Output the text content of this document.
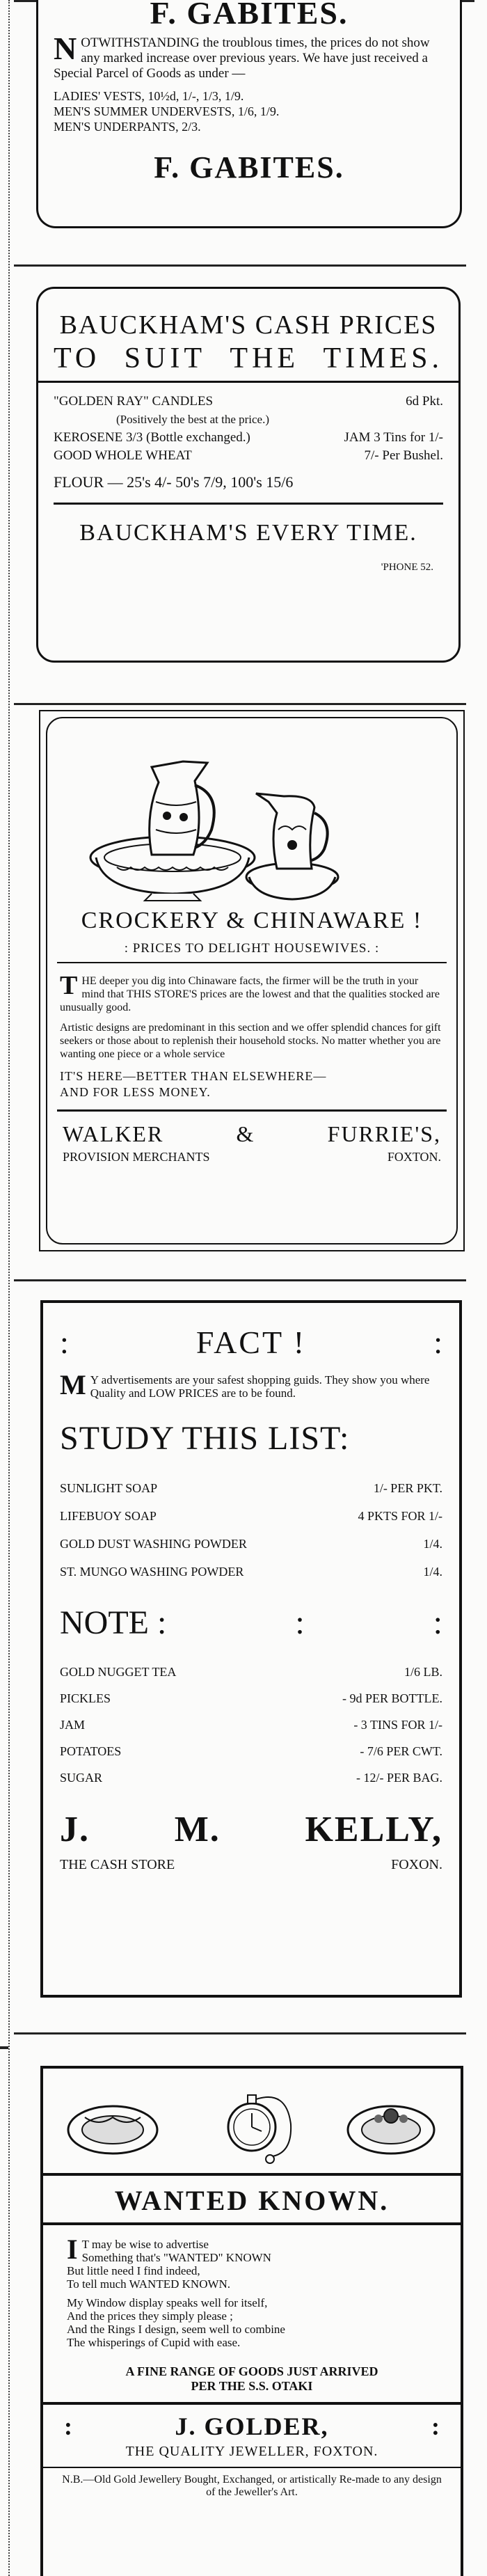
F. GABITES.
N OTWITHSTANDING the troublous times, the prices do not show any marked increase over previous years. We have just received a Special Parcel of Goods as under —
LADIES' VESTS, 10½d, 1/-, 1/3, 1/9.
MEN'S SUMMER UNDERVESTS, 1/6, 1/9.
MEN'S UNDERPANTS, 2/3.
F. GABITES.
BAUCKHAM'S CASH PRICES
TO SUIT THE TIMES.
"GOLDEN RAY" CANDLES	6d Pkt.
(Positively the best at the price.)
KEROSENE 3/3 (Bottle exchanged.)	JAM 3 Tins for 1/-
GOOD WHOLE WHEAT	7/- Per Bushel.
FLOUR — 25's 4/- 50's 7/9, 100's 15/6
BAUCKHAM'S EVERY TIME.
'PHONE 52.
CROCKERY & CHINAWARE !
: PRICES TO DELIGHT HOUSEWIVES. :
T HE deeper you dig into Chinaware facts, the firmer will be the truth in your mind that THIS STORE'S prices are the lowest and that the qualities stocked are unusually good.
Artistic designs are predominant in this section and we offer splendid chances for gift seekers or those about to replenish their household stocks. No matter whether you are wanting one piece or a whole service
IT'S HERE—BETTER THAN ELSEWHERE—
AND FOR LESS MONEY.
WALKER	&	FURRIE'S,
PROVISION MERCHANTS	FOXTON.
:	FACT !	:
M Y advertisements are your safest shopping guids. They show you where Quality and LOW PRICES are to be found.
STUDY THIS LIST:
SUNLIGHT SOAP	1/- PER PKT.
LIFEBUOY SOAP	4 PKTS FOR 1/-
GOLD DUST WASHING POWDER	1/4.
ST. MUNGO WASHING POWDER	1/4.
NOTE :	:	:
GOLD NUGGET TEA	1/6 LB.
PICKLES	- 9d PER BOTTLE.
JAM	- 3 TINS FOR 1/-
POTATOES	- 7/6 PER CWT.
SUGAR	- 12/- PER BAG.
J. M. KELLY,
THE CASH STORE	FOXON.
WANTED KNOWN.
I T may be wise to advertise
Something that's "WANTED" KNOWN
But little need I find indeed,
To tell much WANTED KNOWN.
My Window display speaks well for itself,
And the prices they simply please ;
And the Rings I design, seem well to combine
The whisperings of Cupid with ease.
A FINE RANGE OF GOODS JUST ARRIVED
PER THE S.S. OTAKI
:	J. GOLDER,	:
THE QUALITY JEWELLER, FOXTON.
N.B.—Old Gold Jewellery Bought, Exchanged, or artistically Re-made to any design of the Jeweller's Art.
